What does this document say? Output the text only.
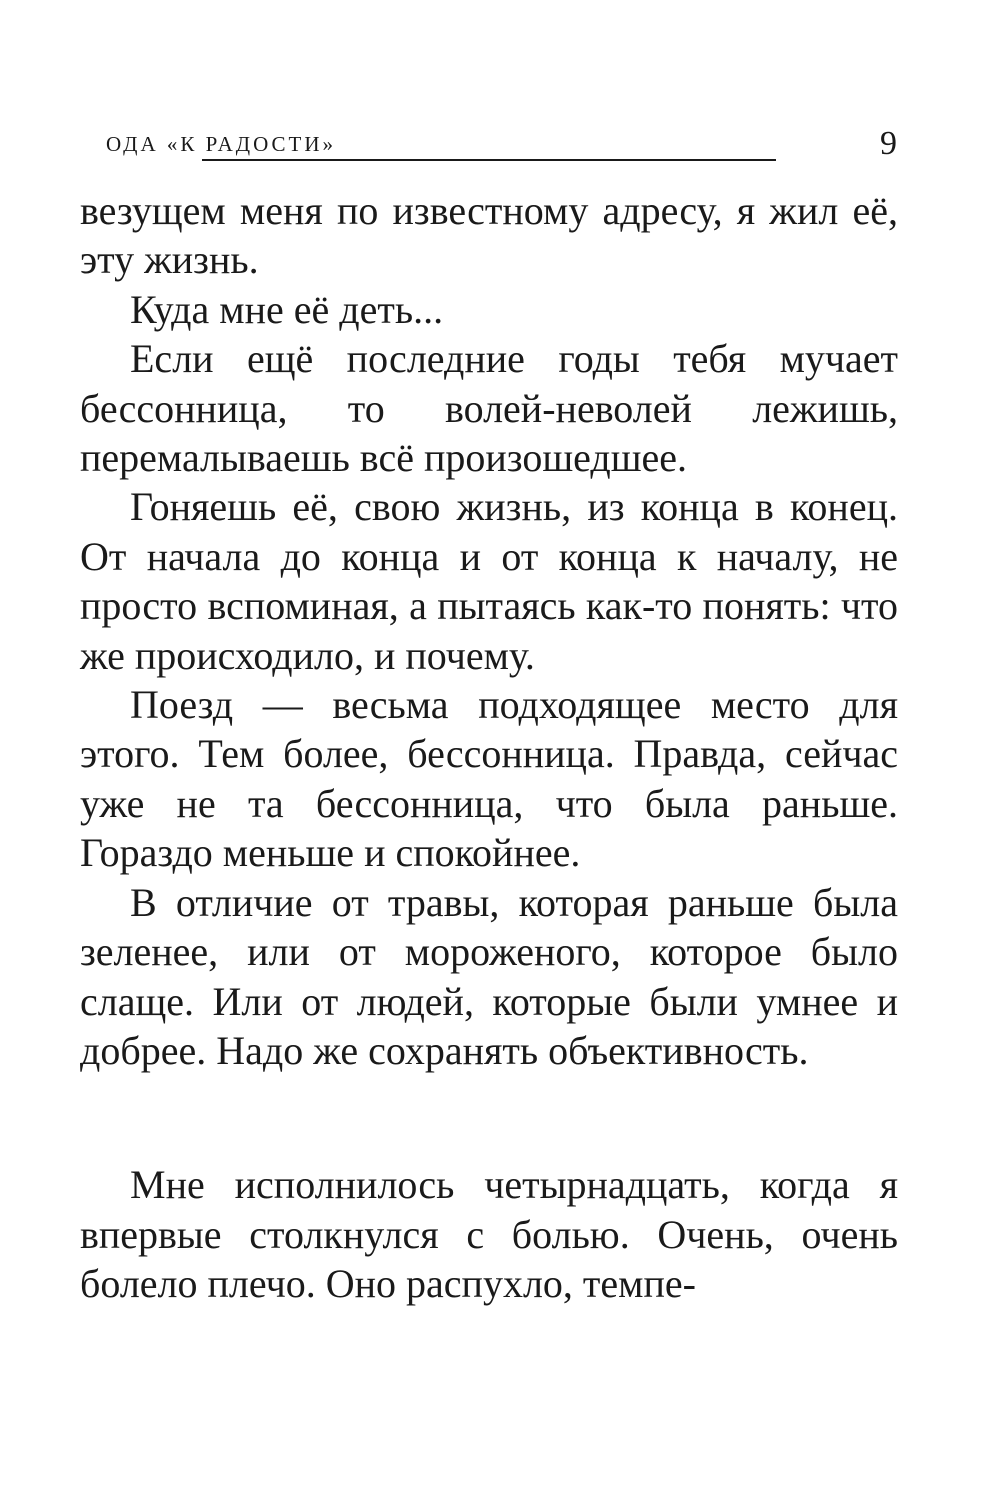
ОДА «К РАДОСТИ»	9

везущем меня по известному адресу, я жил её, эту жизнь.

Куда мне её деть...

Если ещё последние годы тебя мучает бессонница, то волей-неволей лежишь, перемалываешь всё произошедшее.

Гоняешь её, свою жизнь, из конца в конец. От начала до конца и от конца к началу, не просто вспоминая, а пытаясь как-то понять: что же происходило, и почему.

Поезд — весьма подходящее место для этого. Тем более, бессонница. Правда, сейчас уже не та бессонница, что была раньше. Гораздо меньше и спокойнее.

В отличие от травы, которая раньше была зеленее, или от мороженого, которое было слаще. Или от людей, которые были умнее и добрее. Надо же сохранять объективность.

Мне исполнилось четырнадцать, когда я впервые столкнулся с болью. Очень, очень болело плечо. Оно распухло, темпе-
